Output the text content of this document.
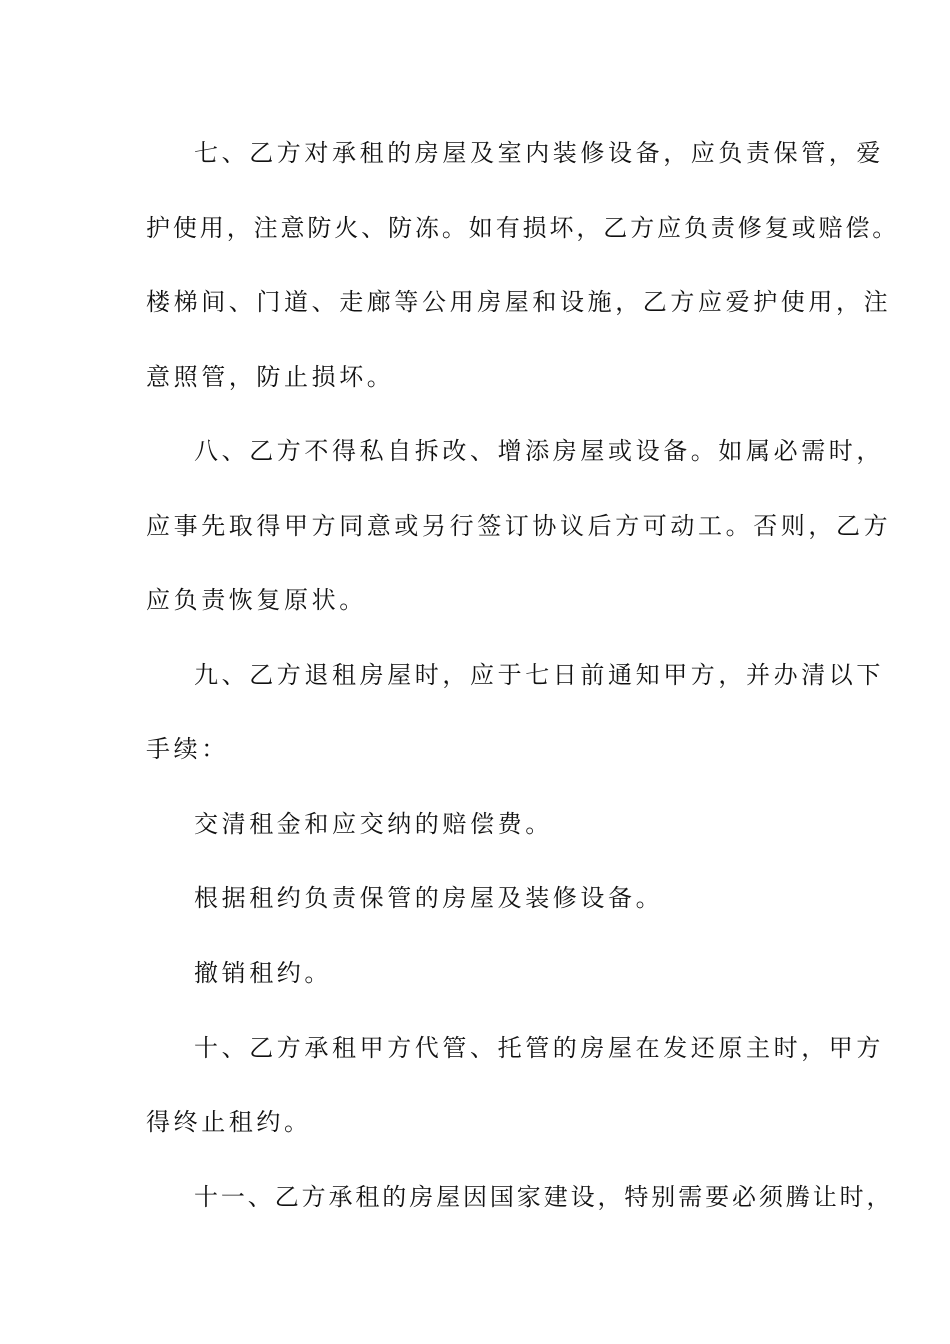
七、乙方对承租的房屋及室内装修设备，应负责保管，爱

护使用，注意防火、防冻。如有损坏，乙方应负责修复或赔偿。

楼梯间、门道、走廊等公用房屋和设施，乙方应爱护使用，注

意照管，防止损坏。

八、乙方不得私自拆改、增添房屋或设备。如属必需时，

应事先取得甲方同意或另行签订协议后方可动工。否则，乙方

应负责恢复原状。

九、乙方退租房屋时，应于七日前通知甲方，并办清以下

手续：

交清租金和应交纳的赔偿费。

根据租约负责保管的房屋及装修设备。

撤销租约。

十、乙方承租甲方代管、托管的房屋在发还原主时，甲方

得终止租约。

十一、乙方承租的房屋因国家建设，特别需要必须腾让时，
